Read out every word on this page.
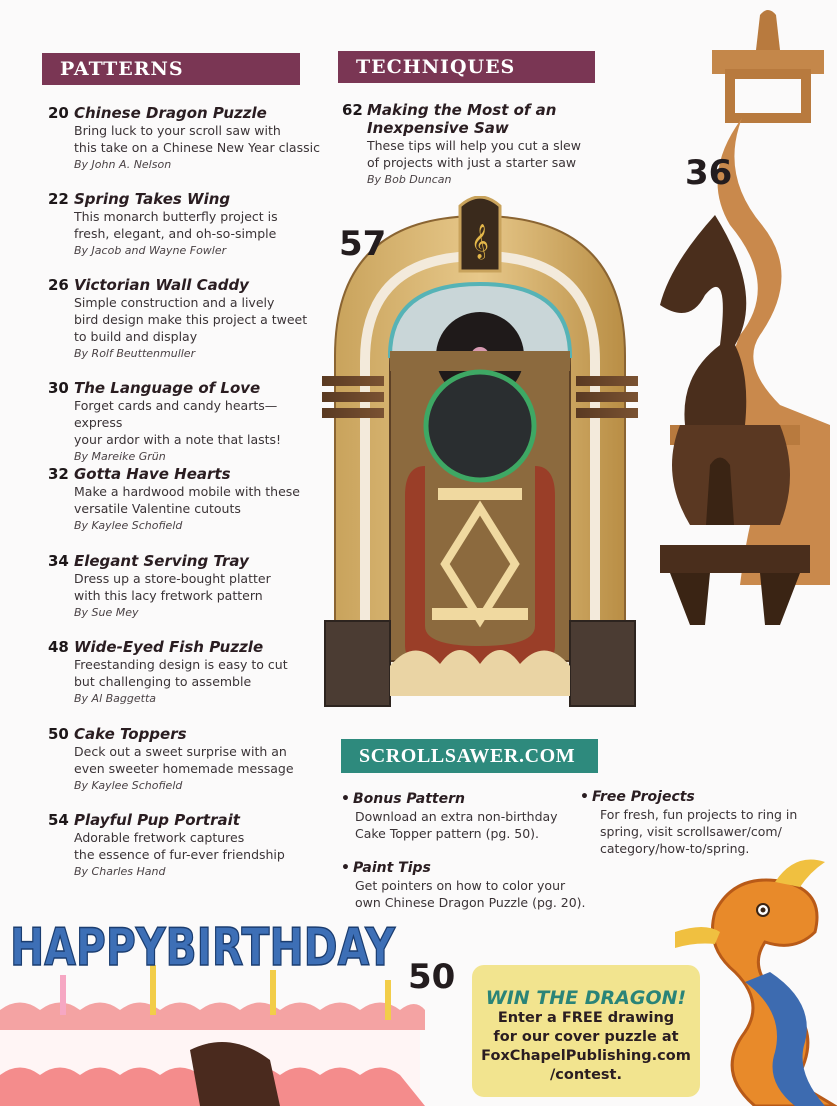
PATTERNS	TECHNIQUES
20 Chinese Dragon Puzzle
Bring luck to your scroll saw with
this take on a Chinese New Year classic
By John A. Nelson
22 Spring Takes Wing
This monarch butterfly project is
fresh, elegant, and oh-so-simple
By Jacob and Wayne Fowler
26 Victorian Wall Caddy
Simple construction and a lively
bird design make this project a tweet
to build and display
By Rolf Beuttenmuller
30 The Language of Love
Forget cards and candy hearts—express
your ardor with a note that lasts!
By Mareike Grün
32 Gotta Have Hearts
Make a hardwood mobile with these
versatile Valentine cutouts
By Kaylee Schofield
34 Elegant Serving Tray
Dress up a store-bought platter
with this lacy fretwork pattern
By Sue Mey
48 Wide-Eyed Fish Puzzle
Freestanding design is easy to cut
but challenging to assemble
By Al Baggetta
50 Cake Toppers
Deck out a sweet surprise with an
even sweeter homemade message
By Kaylee Schofield
54 Playful Pup Portrait
Adorable fretwork captures
the essence of fur-ever friendship
By Charles Hand
62 Making the Most of an
Inexpensive Saw
These tips will help you cut a slew
of projects with just a starter saw
By Bob Duncan
𝄞
57
36
50
SCROLLSAWER.COM
• Bonus Pattern
Download an extra non-birthday
Cake Topper pattern (pg. 50).
• Paint Tips
Get pointers on how to color your
own Chinese Dragon Puzzle (pg. 20).
• Free Projects
For fresh, fun projects to ring in
spring, visit scrollsawer/com/
category/how-to/spring.
WIN THE DRAGON!
Enter a FREE drawing
for our cover puzzle at
FoxChapelPublishing.com
/contest.
HAPPYBIRTHDAY
